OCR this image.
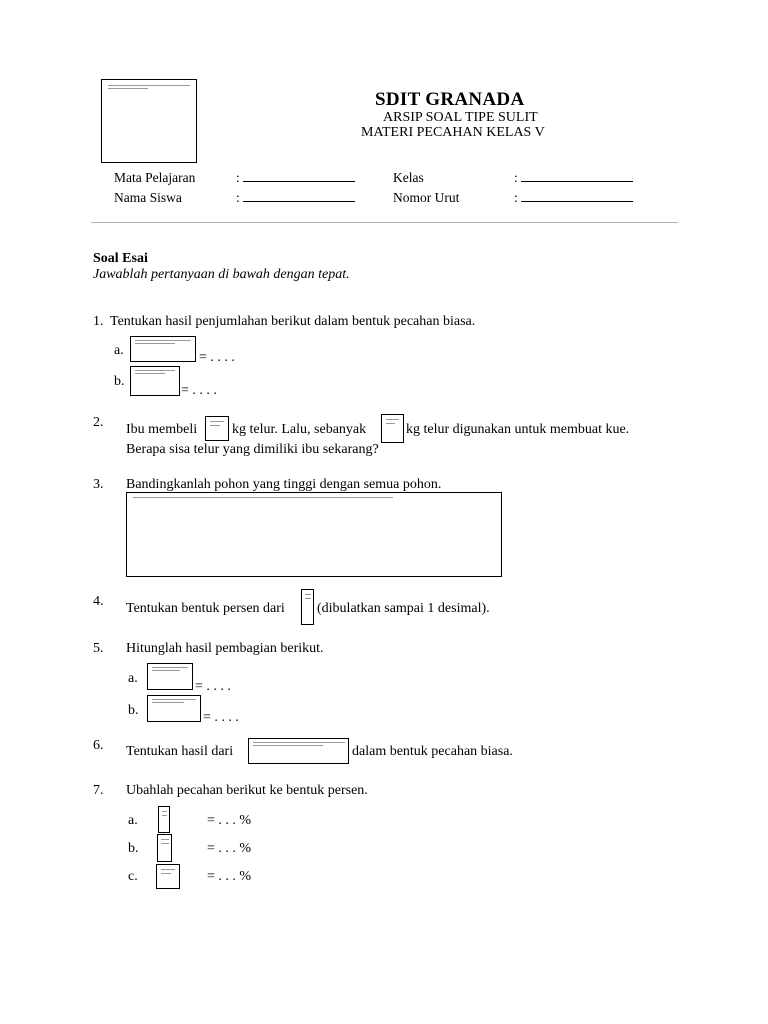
SDIT GRANADA
ARSIP SOAL TIPE SULIT
MATERI PECAHAN KELAS V
Mata Pelajaran	:
Nama Siswa	:
Kelas	:
Nomor Urut	:
Soal Esai
Jawablah pertanyaan di bawah dengan tepat.
1. Tentukan hasil penjumlahan berikut dalam bentuk pecahan biasa.
a.	= . . . .
b.
= . . . .
2. Ibu membeli kg telur. Lalu, sebanyak	kg telur digunakan untuk membuat kue.
Berapa sisa telur yang dimiliki ibu sekarang?
3. Bandingkanlah pohon yang tinggi dengan semua pohon.
4. Tentukan bentuk persen dari (dibulatkan sampai 1 desimal).
5. Hitunglah hasil pembagian berikut.
a.
= . . . .
b.	= . . . .
6. Tentukan hasil dari	dalam bentuk pecahan biasa.
7. Ubahlah pecahan berikut ke bentuk persen.
a.	= . . . %
b.	= . . . %
c.	= . . . %
